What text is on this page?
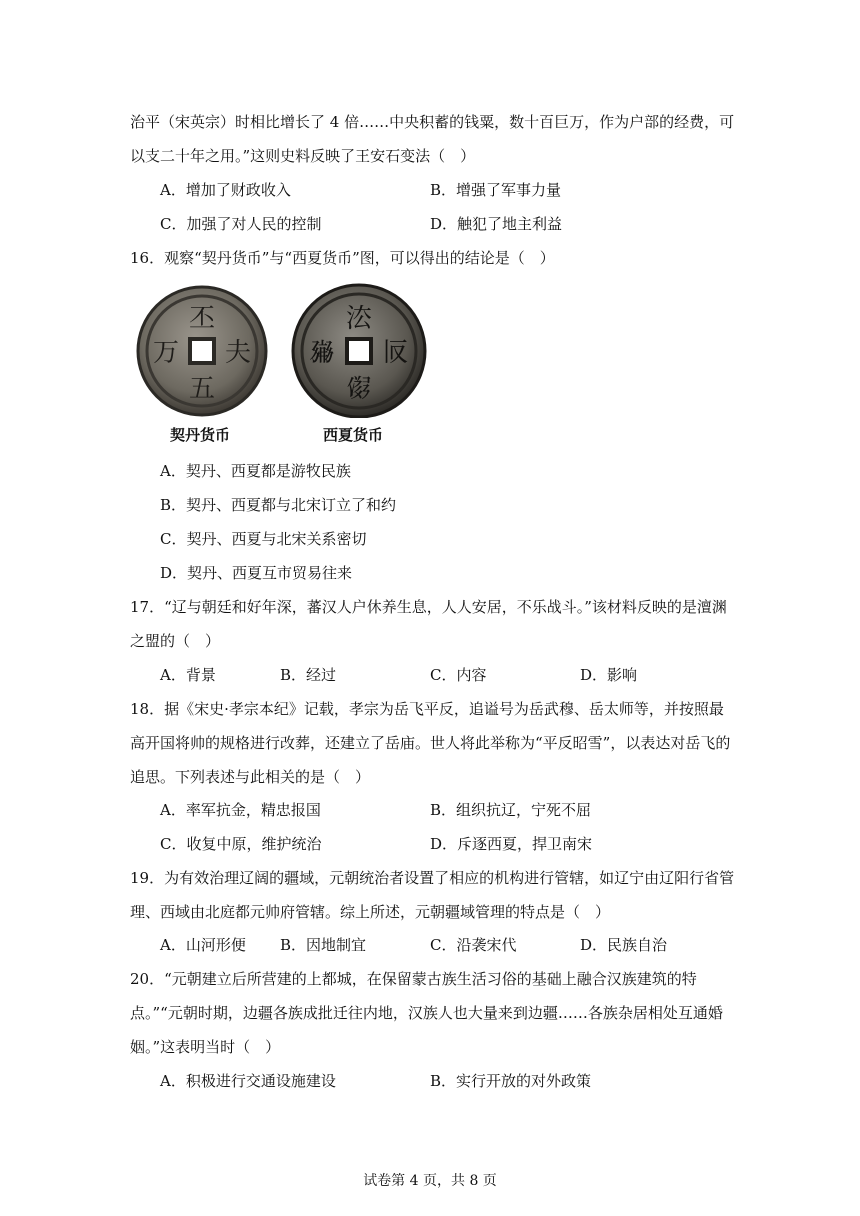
治平（宋英宗）时相比增长了 4 倍……中央积蓄的钱粟，数十百巨万，作为户部的经费，可
以支二十年之用。”这则史料反映了王安石变法（　）
A．增加了财政收入	B．增强了军事力量
C．加强了对人民的控制	D．触犯了地主利益
16．观察“契丹货币”与“西夏货币”图，可以得出的结论是（　）
丕
夫
五
万
㳒
𗀱
𗃮
𗉫
契丹货币	西夏货币
A．契丹、西夏都是游牧民族
B．契丹、西夏都与北宋订立了和约
C．契丹、西夏与北宋关系密切
D．契丹、西夏互市贸易往来
17．“辽与朝廷和好年深，蕃汉人户休养生息，人人安居，不乐战斗。”该材料反映的是澶渊
之盟的（　）
A．背景	B．经过	C．内容	D．影响
18．据《宋史·孝宗本纪》记载，孝宗为岳飞平反，追谥号为岳武穆、岳太师等，并按照最
高开国将帅的规格进行改葬，还建立了岳庙。世人将此举称为“平反昭雪”，以表达对岳飞的
追思。下列表述与此相关的是（　）
A．率军抗金，精忠报国	B．组织抗辽，宁死不屈
C．收复中原，维护统治	D．斥逐西夏，捍卫南宋
19．为有效治理辽阔的疆域，元朝统治者设置了相应的机构进行管辖，如辽宁由辽阳行省管
理、西域由北庭都元帅府管辖。综上所述，元朝疆域管理的特点是（　）
A．山河形便 B．因地制宜	C．沿袭宋代	D．民族自治
20．“元朝建立后所营建的上都城，在保留蒙古族生活习俗的基础上融合汉族建筑的特
点。”“元朝时期，边疆各族成批迁往内地，汉族人也大量来到边疆……各族杂居相处互通婚
姻。”这表明当时（　）
A．积极进行交通设施建设	B．实行开放的对外政策
试卷第 4 页，共 8 页
